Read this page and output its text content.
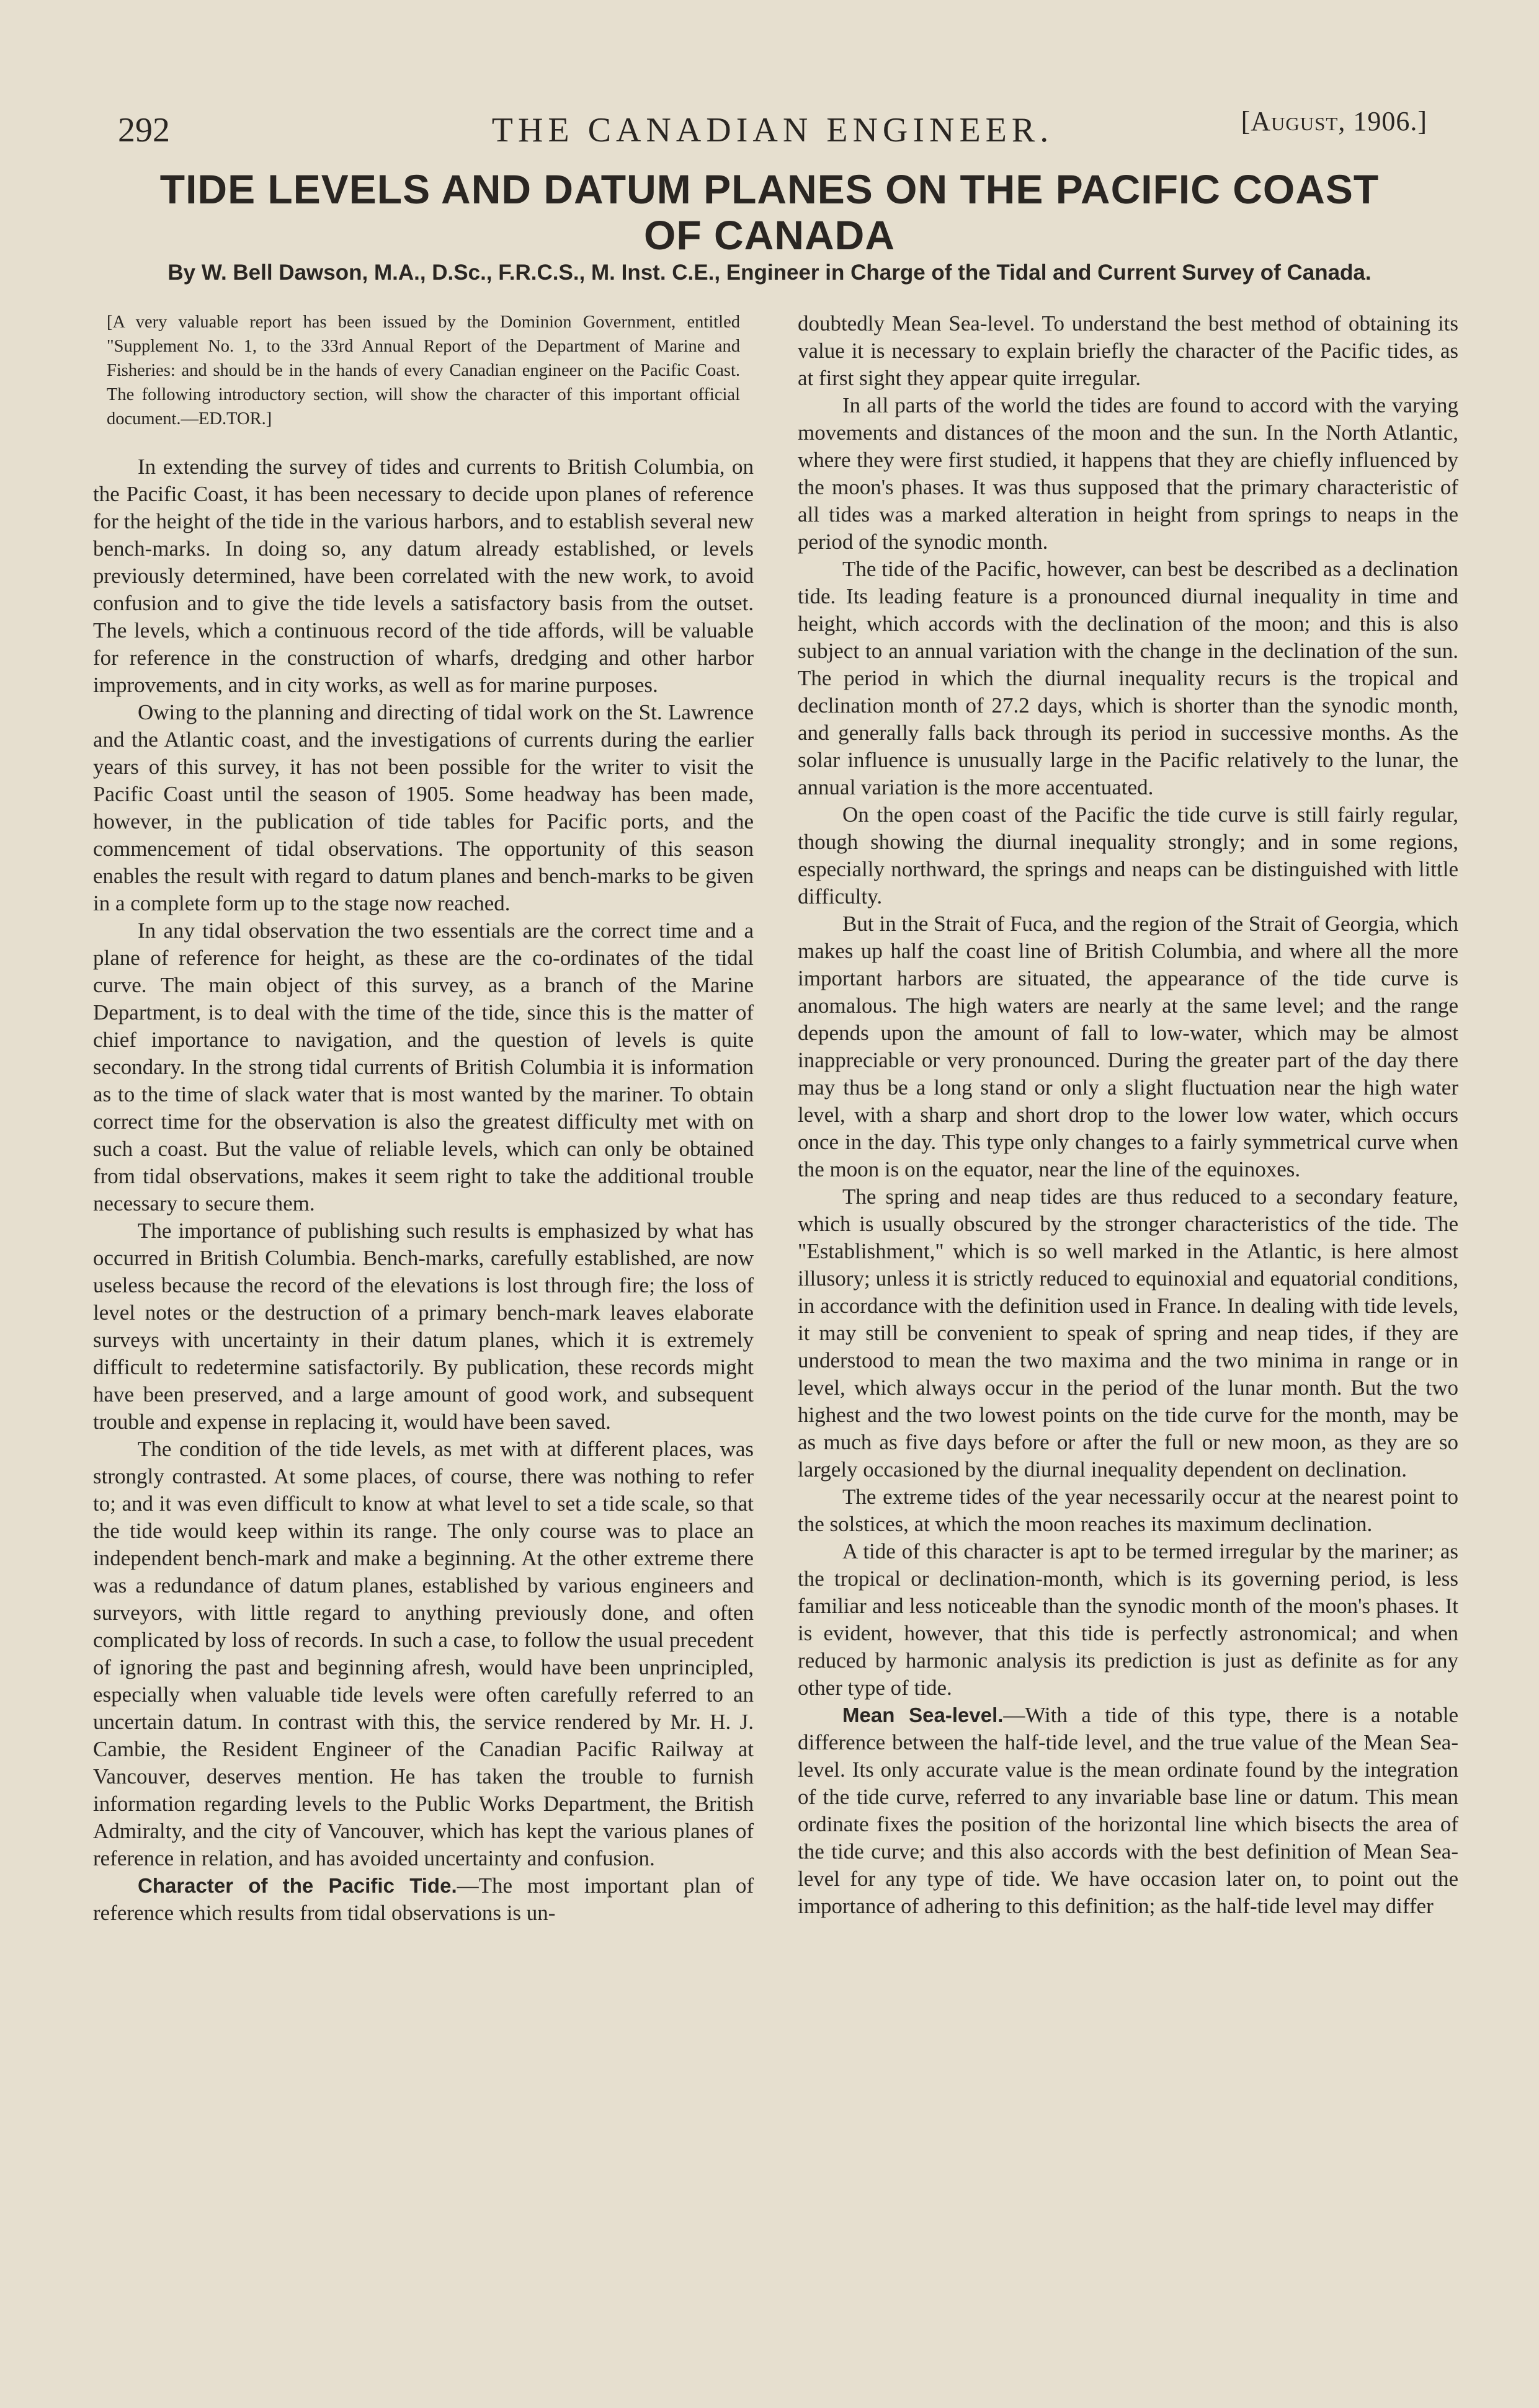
292	THE CANADIAN ENGINEER.	[August, 1906.]
TIDE LEVELS AND DATUM PLANES ON THE PACIFIC COAST OF CANADA
By W. Bell Dawson, M.A., D.Sc., F.R.C.S., M. Inst. C.E., Engineer in Charge of the Tidal and Current Survey of Canada.

[A very valuable report has been issued by the Dominion Government, entitled "Supplement No. 1, to the 33rd Annual Report of the Department of Marine and Fisheries: and should be in the hands of every Canadian engineer on the Pacific Coast. The following introductory section, will show the character of this important official document.—ED.TOR.]

In extending the survey of tides and currents to British Columbia, on the Pacific Coast, it has been necessary to decide upon planes of reference for the height of the tide in the various harbors, and to establish several new bench-marks. In doing so, any datum already established, or levels previously determined, have been correlated with the new work, to avoid confusion and to give the tide levels a satisfactory basis from the outset. The levels, which a continuous record of the tide affords, will be valuable for reference in the construction of wharfs, dredging and other harbor improvements, and in city works, as well as for marine purposes.

Owing to the planning and directing of tidal work on the St. Lawrence and the Atlantic coast, and the investigations of currents during the earlier years of this survey, it has not been possible for the writer to visit the Pacific Coast until the season of 1905. Some headway has been made, however, in the publication of tide tables for Pacific ports, and the commencement of tidal observations. The opportunity of this season enables the result with regard to datum planes and bench-marks to be given in a complete form up to the stage now reached.

In any tidal observation the two essentials are the correct time and a plane of reference for height, as these are the co-ordinates of the tidal curve. The main object of this survey, as a branch of the Marine Department, is to deal with the time of the tide, since this is the matter of chief importance to navigation, and the question of levels is quite secondary. In the strong tidal currents of British Columbia it is information as to the time of slack water that is most wanted by the mariner. To obtain correct time for the observation is also the greatest difficulty met with on such a coast. But the value of reliable levels, which can only be obtained from tidal observations, makes it seem right to take the additional trouble necessary to secure them.

The importance of publishing such results is emphasized by what has occurred in British Columbia. Bench-marks, carefully established, are now useless because the record of the elevations is lost through fire; the loss of level notes or the destruction of a primary bench-mark leaves elaborate surveys with uncertainty in their datum planes, which it is extremely difficult to redetermine satisfactorily. By publication, these records might have been preserved, and a large amount of good work, and subsequent trouble and expense in replacing it, would have been saved.

The condition of the tide levels, as met with at different places, was strongly contrasted. At some places, of course, there was nothing to refer to; and it was even difficult to know at what level to set a tide scale, so that the tide would keep within its range. The only course was to place an independent bench-mark and make a beginning. At the other extreme there was a redundance of datum planes, established by various engineers and surveyors, with little regard to anything previously done, and often complicated by loss of records. In such a case, to follow the usual precedent of ignoring the past and beginning afresh, would have been unprincipled, especially when valuable tide levels were often carefully referred to an uncertain datum. In contrast with this, the service rendered by Mr. H. J. Cambie, the Resident Engineer of the Canadian Pacific Railway at Vancouver, deserves mention. He has taken the trouble to furnish information regarding levels to the Public Works Department, the British Admiralty, and the city of Vancouver, which has kept the various planes of reference in relation, and has avoided uncertainty and confusion.

Character of the Pacific Tide.—The most important plan of reference which results from tidal observations is un-

doubtedly Mean Sea-level. To understand the best method of obtaining its value it is necessary to explain briefly the character of the Pacific tides, as at first sight they appear quite irregular.

In all parts of the world the tides are found to accord with the varying movements and distances of the moon and the sun. In the North Atlantic, where they were first studied, it happens that they are chiefly influenced by the moon's phases. It was thus supposed that the primary characteristic of all tides was a marked alteration in height from springs to neaps in the period of the synodic month.

The tide of the Pacific, however, can best be described as a declination tide. Its leading feature is a pronounced diurnal inequality in time and height, which accords with the declination of the moon; and this is also subject to an annual variation with the change in the declination of the sun. The period in which the diurnal inequality recurs is the tropical and declination month of 27.2 days, which is shorter than the synodic month, and generally falls back through its period in successive months. As the solar influence is unusually large in the Pacific relatively to the lunar, the annual variation is the more accentuated.

On the open coast of the Pacific the tide curve is still fairly regular, though showing the diurnal inequality strongly; and in some regions, especially northward, the springs and neaps can be distinguished with little difficulty.

But in the Strait of Fuca, and the region of the Strait of Georgia, which makes up half the coast line of British Columbia, and where all the more important harbors are situated, the appearance of the tide curve is anomalous. The high waters are nearly at the same level; and the range depends upon the amount of fall to low-water, which may be almost inappreciable or very pronounced. During the greater part of the day there may thus be a long stand or only a slight fluctuation near the high water level, with a sharp and short drop to the lower low water, which occurs once in the day. This type only changes to a fairly symmetrical curve when the moon is on the equator, near the line of the equinoxes.

The spring and neap tides are thus reduced to a secondary feature, which is usually obscured by the stronger characteristics of the tide. The "Establishment," which is so well marked in the Atlantic, is here almost illusory; unless it is strictly reduced to equinoxial and equatorial conditions, in accordance with the definition used in France. In dealing with tide levels, it may still be convenient to speak of spring and neap tides, if they are understood to mean the two maxima and the two minima in range or in level, which always occur in the period of the lunar month. But the two highest and the two lowest points on the tide curve for the month, may be as much as five days before or after the full or new moon, as they are so largely occasioned by the diurnal inequality dependent on declination.

The extreme tides of the year necessarily occur at the nearest point to the solstices, at which the moon reaches its maximum declination.

A tide of this character is apt to be termed irregular by the mariner; as the tropical or declination-month, which is its governing period, is less familiar and less noticeable than the synodic month of the moon's phases. It is evident, however, that this tide is perfectly astronomical; and when reduced by harmonic analysis its prediction is just as definite as for any other type of tide.

Mean Sea-level.—With a tide of this type, there is a notable difference between the half-tide level, and the true value of the Mean Sea-level. Its only accurate value is the mean ordinate found by the integration of the tide curve, referred to any invariable base line or datum. This mean ordinate fixes the position of the horizontal line which bisects the area of the tide curve; and this also accords with the best definition of Mean Sea-level for any type of tide. We have occasion later on, to point out the importance of adhering to this definition; as the half-tide level may differ
